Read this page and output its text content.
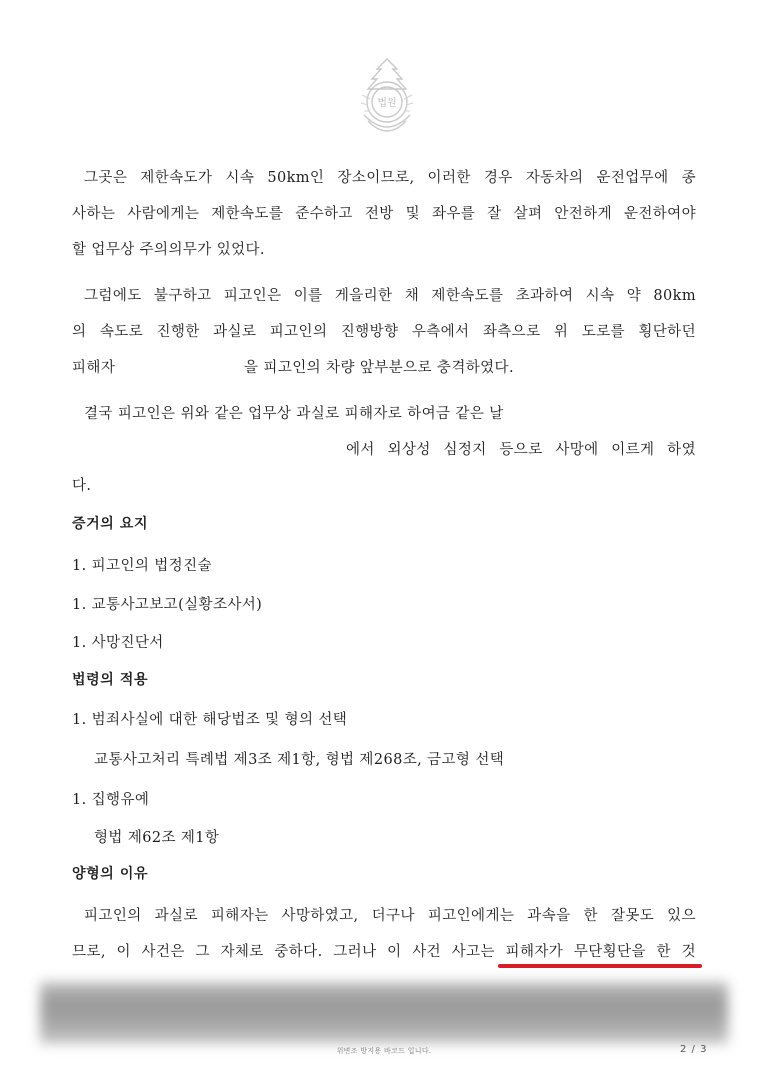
법원
그곳은 제한속도가 시속 50km인 장소이므로, 이러한 경우 자동차의 운전업무에 종
사하는 사람에게는 제한속도를 준수하고 전방 및 좌우를 잘 살펴 안전하게 운전하여야
할 업무상 주의의무가 있었다.
그럼에도 불구하고 피고인은 이를 게을리한 채 제한속도를 초과하여 시속 약 80km
의 속도로 진행한 과실로 피고인의 진행방향 우측에서 좌측으로 위 도로를 횡단하던
피해자	을 피고인의 차량 앞부분으로 충격하였다.
결국 피고인은 위와 같은 업무상 과실로 피해자로 하여금 같은 날
에서 외상성 심정지 등으로 사망에 이르게 하였
다.
증거의 요지
1. 피고인의 법정진술
1. 교통사고보고(실황조사서)
1. 사망진단서
법령의 적용
1. 범죄사실에 대한 해당법조 및 형의 선택
교통사고처리 특례법 제3조 제1항, 형법 제268조, 금고형 선택
1. 집행유예
형법 제62조 제1항
양형의 이유
피고인의 과실로 피해자는 사망하였고, 더구나 피고인에게는 과속을 한 잘못도 있으
므로, 이 사건은 그 자체로 중하다. 그러나 이 사건 사고는 피해자가 무단횡단을 한 것
위변조 방지용 바코드 입니다.	2 / 3
